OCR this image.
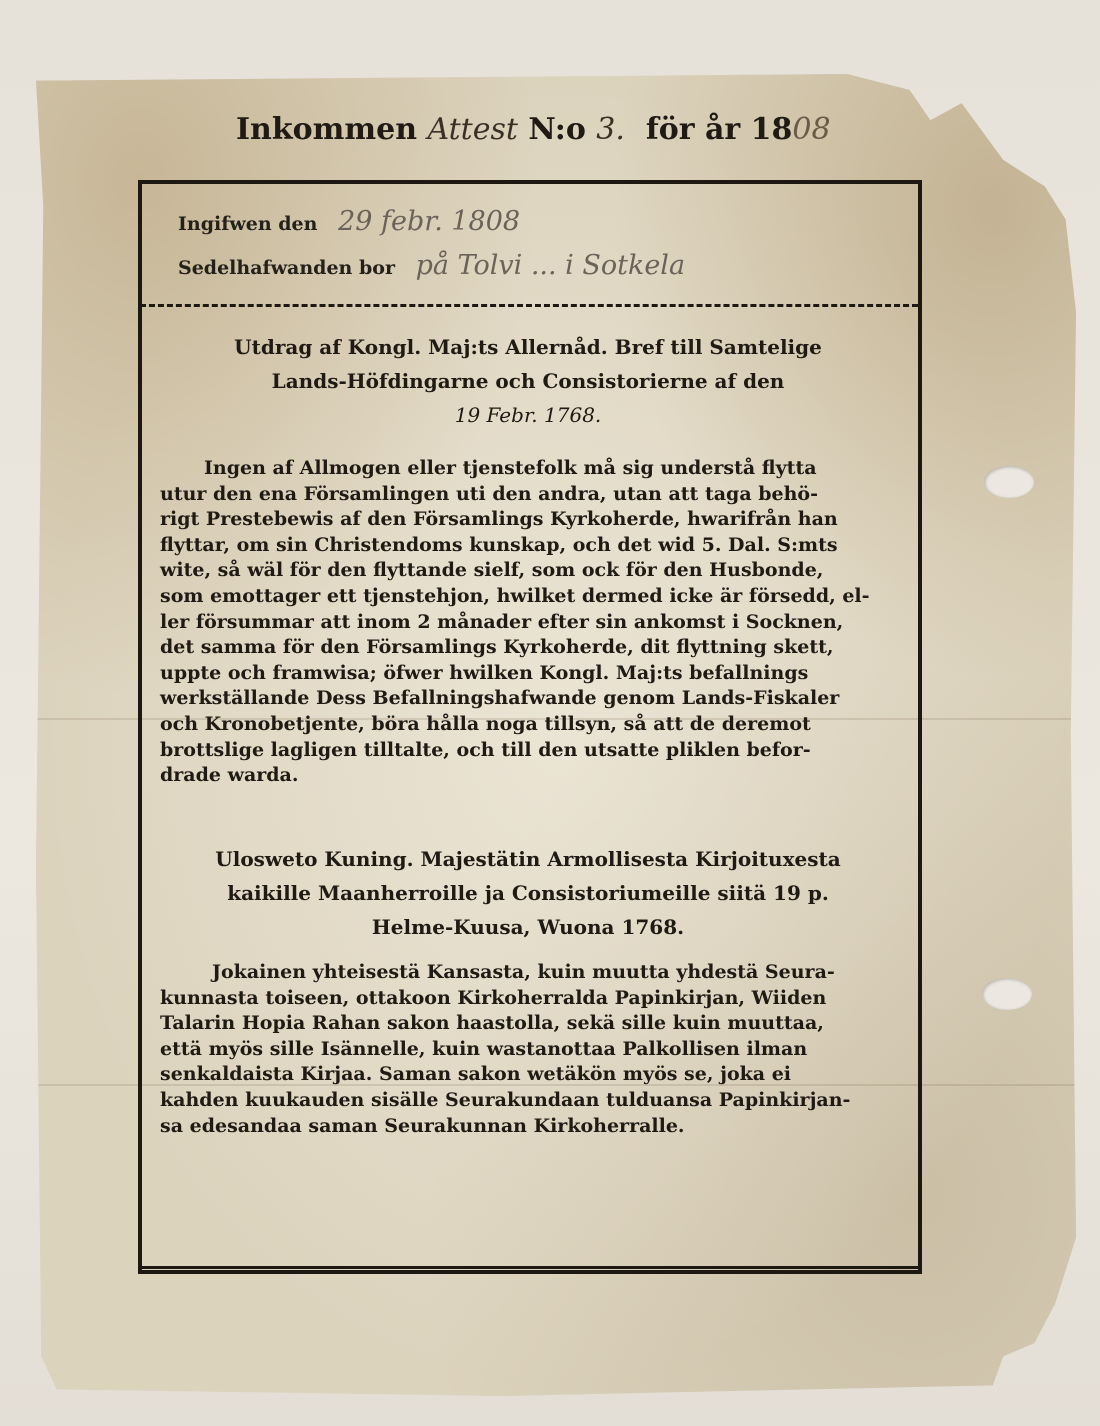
Inkommen Attest N:o 3. för år 1808
Ingifwen den 29 febr. 1808
Sedelhafwanden bor på Tolvi ... i Sotkela
Utdrag af Kongl. Maj:ts Allernåd. Bref till Samtelige
Lands-Höfdingarne och Consistorierne af den
19 Febr. 1768.
Ingen af Allmogen eller tjenstefolk må sig understå flytta
utur den ena Församlingen uti den andra, utan att taga behö-
rigt Prestebewis af den Församlings Kyrkoherde, hwarifrån han
flyttar, om sin Christendoms kunskap, och det wid 5. Dal. S:mts
wite, så wäl för den flyttande sielf, som ock för den Husbonde,
som emottager ett tjenstehjon, hwilket dermed icke är försedd, el-
ler försummar att inom 2 månader efter sin ankomst i Socknen,
det samma för den Församlings Kyrkoherde, dit flyttning skett,
uppte och framwisa; öfwer hwilken Kongl. Maj:ts befallnings
werkställande Dess Befallningshafwande genom Lands-Fiskaler
och Kronobetjente, böra hålla noga tillsyn, så att de deremot
brottslige lagligen tilltalte, och till den utsatte pliklen befor-
drade warda.
Ulosweto Kuning. Majestätin Armollisesta Kirjoituxesta
kaikille Maanherroille ja Consistoriumeille siitä 19 p.
Helme-Kuusa, Wuona 1768.
Jokainen yhteisestä Kansasta, kuin muutta yhdestä Seura-
kunnasta toiseen, ottakoon Kirkoherralda Papinkirjan, Wiiden
Talarin Hopia Rahan sakon haastolla, sekä sille kuin muuttaa,
että myös sille Isännelle, kuin wastanottaa Palkollisen ilman
senkaldaista Kirjaa. Saman sakon wetäkön myös se, joka ei
kahden kuukauden sisälle Seurakundaan tulduansa Papinkirjan-
sa edesandaa saman Seurakunnan Kirkoherralle.
